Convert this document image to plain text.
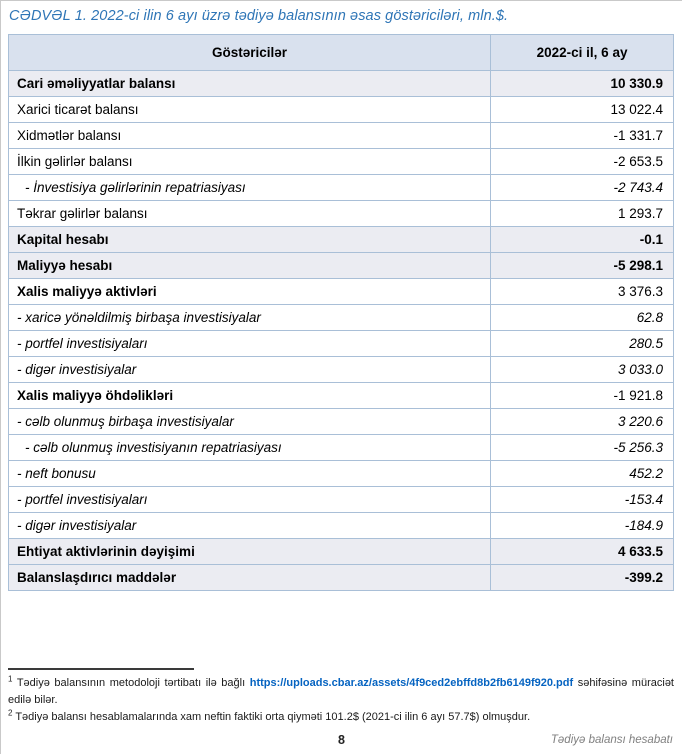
CƏDVƏL 1. 2022-ci ilin 6 ayı üzrə tədiyə balansının əsas göstəriciləri, mln.$.
Göstəricilər	2022-ci il, 6 ay
Cari əməliyyatlar balansı	10 330.9
Xarici ticarət balansı	13 022.4
Xidmətlər balansı	-1 331.7
İlkin gəlirlər balansı	-2 653.5
- İnvestisiya gəlirlərinin repatriasiyası	-2 743.4
Təkrar gəlirlər balansı	1 293.7
Kapital hesabı	-0.1
Maliyyə hesabı	-5 298.1
Xalis maliyyə aktivləri	3 376.3
- xaricə yönəldilmiş birbaşa investisiyalar	62.8
- portfel investisiyaları	280.5
- digər investisiyalar	3 033.0
Xalis maliyyə öhdəlikləri	-1 921.8
- cəlb olunmuş birbaşa investisiyalar	3 220.6
- cəlb olunmuş investisiyanın repatriasiyası	-5 256.3
- neft bonusu	452.2
- portfel investisiyaları	-153.4
- digər investisiyalar	-184.9
Ehtiyat aktivlərinin dəyişimi	4 633.5
Balanslaşdırıcı maddələr	-399.2
$^1$ Tədiyə balansının metodoloji tərtibatı ilə bağlı https://uploads.cbar.az/assets/4f9ced2ebffd8b2fb6149f920.pdf səhifəsinə müraciət edilə bilər.
$^2$ Tədiyə balansı hesablamalarında xam neftin faktiki orta qiyməti 101.2$ (2021-ci ilin 6 ayı 57.7$) olmuşdur.
8	Tədiyə balansı hesabatı
